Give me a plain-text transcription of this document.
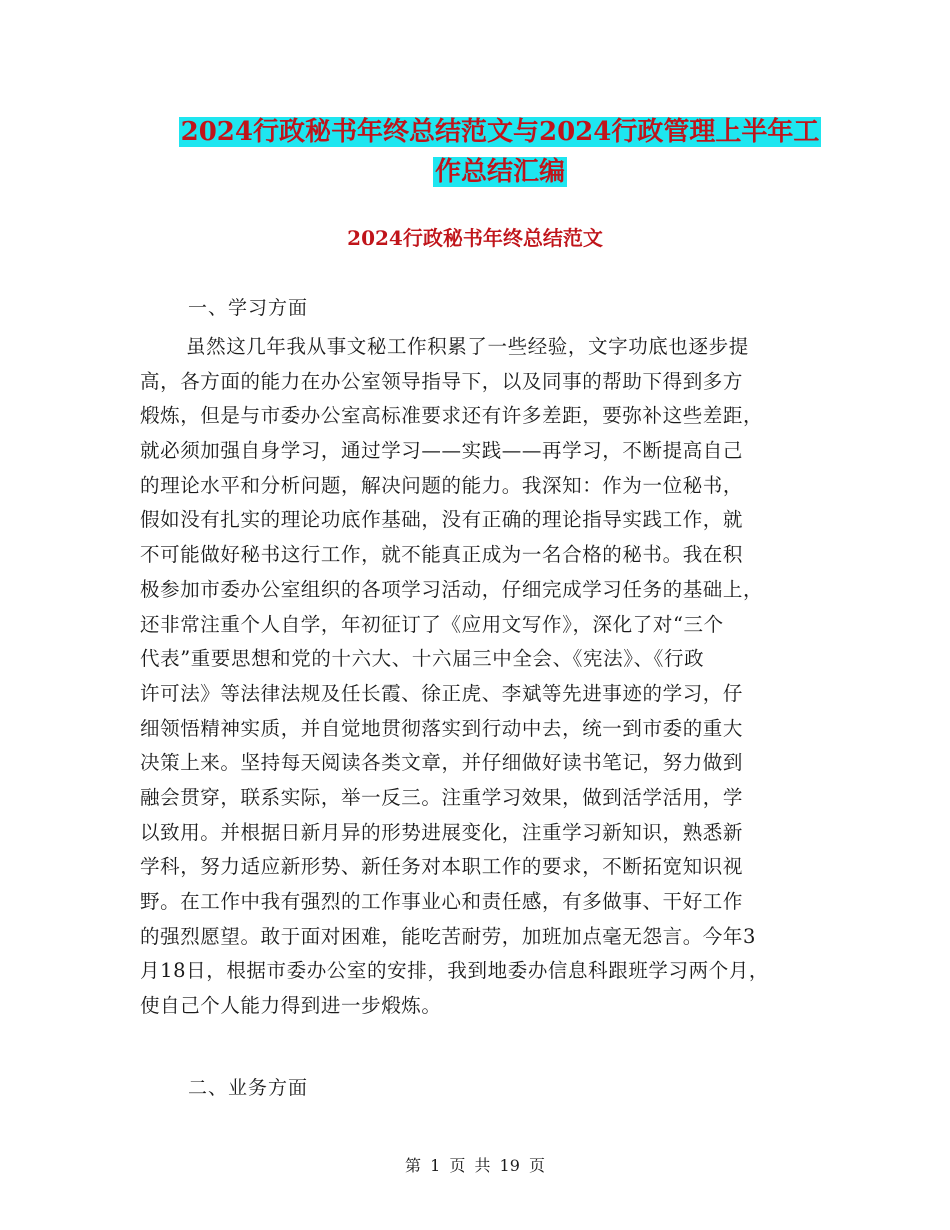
2024行政秘书年终总结范文与2024行政管理上半年工
作总结汇编
2024行政秘书年终总结范文

一、学习方面

虽然这几年我从事文秘工作积累了一些经验，文字功底也逐步提
高，各方面的能力在办公室领导指导下，以及同事的帮助下得到多方
煅炼，但是与市委办公室高标准要求还有许多差距，要弥补这些差距，
就必须加强自身学习，通过学习——实践——再学习，不断提高自己
的理论水平和分析问题，解决问题的能力。我深知：作为一位秘书，
假如没有扎实的理论功底作基础，没有正确的理论指导实践工作，就
不可能做好秘书这行工作，就不能真正成为一名合格的秘书。我在积
极参加市委办公室组织的各项学习活动，仔细完成学习任务的基础上，
还非常注重个人自学，年初征订了《应用文写作》，深化了对“三个
代表”重要思想和党的十六大、十六届三中全会、《宪法》、《行政
许可法》等法律法规及任长霞、徐正虎、李斌等先进事迹的学习，仔
细领悟精神实质，并自觉地贯彻落实到行动中去，统一到市委的重大
决策上来。坚持每天阅读各类文章，并仔细做好读书笔记，努力做到
融会贯穿，联系实际，举一反三。注重学习效果，做到活学活用，学
以致用。并根据日新月异的形势进展变化，注重学习新知识，熟悉新
学科，努力适应新形势、新任务对本职工作的要求，不断拓宽知识视
野。在工作中我有强烈的工作事业心和责任感，有多做事、干好工作
的强烈愿望。敢于面对困难，能吃苦耐劳，加班加点毫无怨言。今年3
月18日，根据市委办公室的安排，我到地委办信息科跟班学习两个月，
使自己个人能力得到进一步煅炼。

二、业务方面

第 1 页 共 19 页
